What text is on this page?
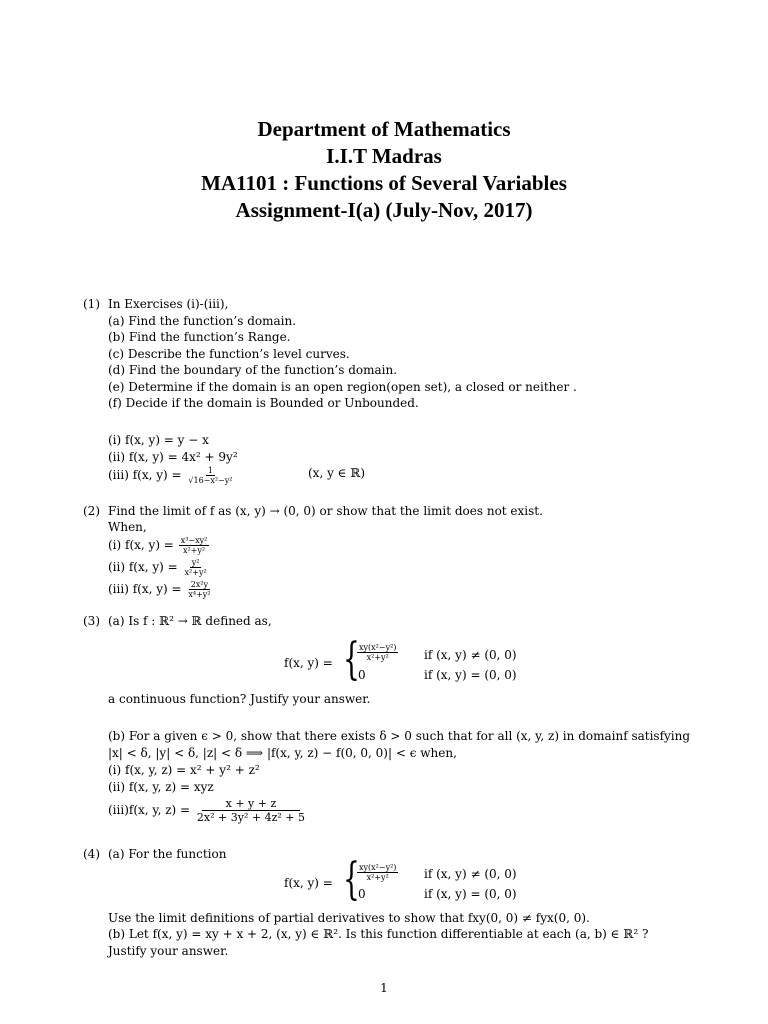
Department of Mathematics
I.I.T Madras
MA1101 : Functions of Several Variables
Assignment-I(a) (July-Nov, 2017)
(1) In Exercises (i)-(iii),
(a) Find the function’s domain.
(b) Find the function’s Range.
(c) Describe the function’s level curves.
(d) Find the boundary of the function’s domain.
(e) Determine if the domain is an open region(open set), a closed or neither .
(f) Decide if the domain is Bounded or Unbounded.
(i) f(x, y) = y − x
(ii) f(x, y) = 4x² + 9y²
(iii) f(x, $y) = \frac{1}{\text{√16−x²−y²}}$	(x, y ∈ ℝ)
(2) Find the limit of f as (x, y) → (0, 0) or show that the limit does not exist.
When,
(i) f(x, $y) = \frac{\text{x³−xy²}}{\text{x²+y²}}$
(ii) f(x, $y) = \frac{\text{y²}}{\text{x²+y²}}$
(iii) f(x, $y) = \frac{\text{2x²y}}{\text{x⁴+y²}}$
(3) (a) Is f : ℝ² → ℝ defined as,
f(x, y) = {
$\frac{\text{xy(x²−y²)}}{\text{x²+y²}}$ if (x, y) ≠ (0, 0)
0	if (x, y) = (0, 0)
a continuous function? Justify your answer.
(b) For a given ϵ > 0, show that there exists δ > 0 such that for all (x, y, z) in domainf satisfying
|x| < δ, |y| < δ, |z| < δ ⟹ |f(x, y, z) − f(0, 0, 0)| < ϵ when,
(i) f(x, y, z) = x² + y² + z²
(ii) f(x, y, z) = xyz
(iii)f(x, y, $z) = \frac{x + y + z}{\text{2x² + 3y² + 4z² + 5}}$
(4) (a) For the function
f(x, y) = {
$\frac{\text{xy(x²−y²)}}{\text{x²+y²}}$ if (x, y) ≠ (0, 0)
0	if (x, y) = (0, 0)
Use the limit definitions of partial derivatives to show that fxy(0, 0) ≠ fyx(0, 0).
(b) Let f(x, y) = xy + x + 2, (x, y) ∈ ℝ². Is this function differentiable at each (a, b) ∈ ℝ² ?
Justify your answer.
1
